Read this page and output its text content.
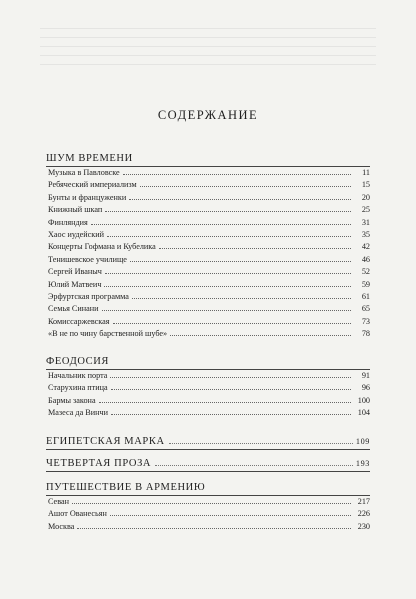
СОДЕРЖАНИЕ
ШУМ ВРЕМЕНИ
Музыка в Павловске	11
Ребяческий империализм	15
Бунты и француженки	20
Книжный шкап	25
Финляндия	31
Хаос иудейский	35
Концерты Гофмана и Кубелика	42
Тенишевское училище	46
Сергей Иваныч	52
Юлий Матвеич	59
Эрфуртская программа	61
Семья Синани	65
Комиссаржевская	73
«В не по чину барственной шубе»	78
ФЕОДОСИЯ
Начальник порта	91
Старухина птица	96
Бармы закона	100
Мазеса да Винчи	104
ЕГИПЕТСКАЯ МАРКА	109
ЧЕТВЕРТАЯ ПРОЗА	193
ПУТЕШЕСТВИЕ В АРМЕНИЮ
Севан	217
Ашот Ованесьян	226
Москва	230
